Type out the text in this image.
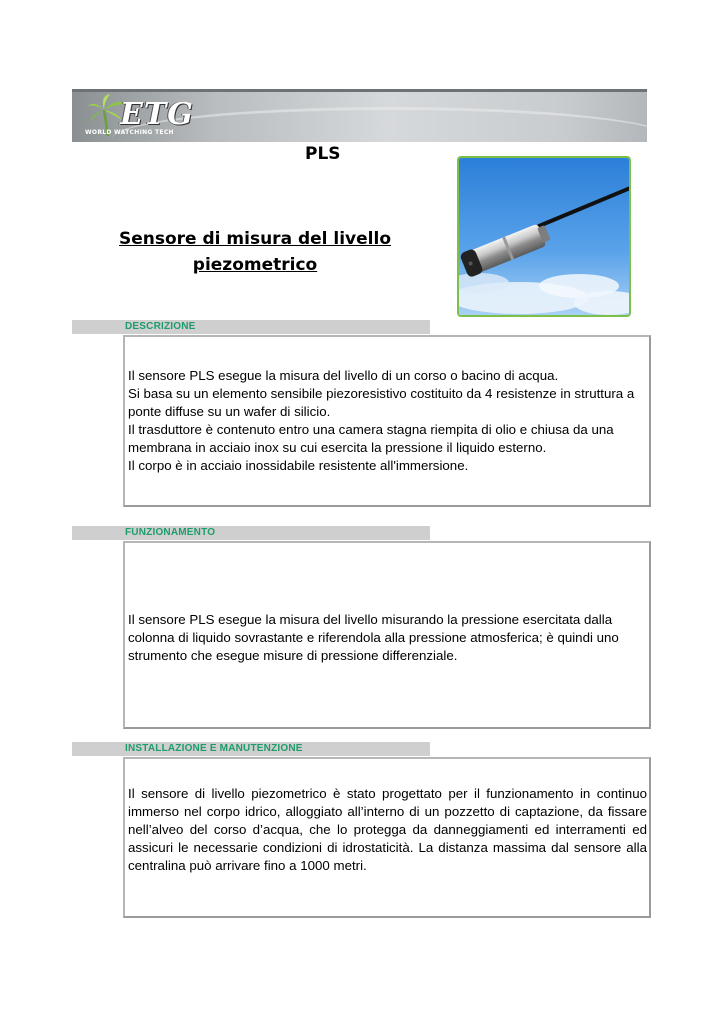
ETG
WORLD WATCHING TECH
PLS
Sensore di misura del livello
piezometrico
DESCRIZIONE

Il sensore PLS esegue la misura del livello di un corso o bacino di acqua.

Si basa su un elemento sensibile piezoresistivo costituito da 4 resistenze in struttura a ponte diffuse su un wafer di silicio.

Il trasduttore è contenuto entro una camera stagna riempita di olio e chiusa da una membrana in acciaio inox su cui esercita la pressione il liquido esterno.

Il corpo è in acciaio inossidabile resistente all'immersione.

FUNZIONAMENTO

Il sensore PLS esegue la misura del livello misurando la pressione esercitata dalla colonna di liquido sovrastante e riferendola alla pressione atmosferica; è quindi uno strumento che esegue misure di pressione differenziale.

INSTALLAZIONE E MANUTENZIONE

Il sensore di livello piezometrico è stato progettato per il funzionamento in continuo immerso nel corpo idrico, alloggiato all’interno di un pozzetto di captazione, da fissare nell’alveo del corso d’acqua, che lo protegga da danneggiamenti ed interramenti ed assicuri le necessarie condizioni di idrostaticità. La distanza massima dal sensore alla centralina può arrivare fino a 1000 metri.
